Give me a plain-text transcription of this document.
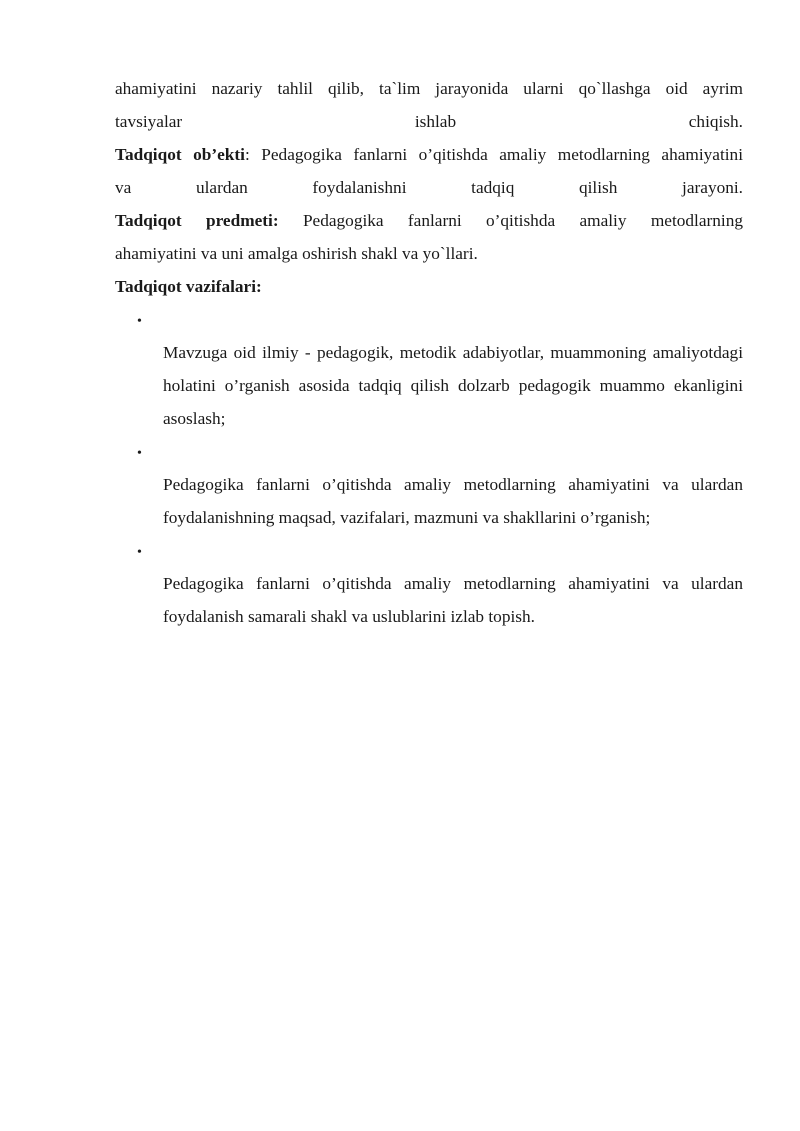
ahamiyatini nazariy tahlil qilib, ta`lim jarayonida ularni qo`llashga oid ayrim
tavsiyalar ishlab chiqish.
Tadqiqot ob’ekti: Pedagogika fanlarni o’qitishda amaliy metodlarning ahamiyatini
va ulardan foydalanishni tadqiq qilish jarayoni.
Tadqiqot predmeti: Pedagogika fanlarni o’qitishda amaliy metodlarning
ahamiyatini va uni amalga oshirish shakl va yo`llari.
Tadqiqot vazifalari:
•
Mavzuga oid ilmiy - pedagogik, metodik adabiyotlar, muammoning amaliyotdagi holatini o’rganish asosida tadqiq qilish dolzarb pedagogik muammo ekanligini asoslash;
•
Pedagogika fanlarni o’qitishda amaliy metodlarning ahamiyatini va ulardan foydalanishning maqsad, vazifalari, mazmuni va shakllarini o’rganish;
•
Pedagogika fanlarni o’qitishda amaliy metodlarning ahamiyatini va ulardan foydalanish samarali shakl va uslublarini izlab topish.
